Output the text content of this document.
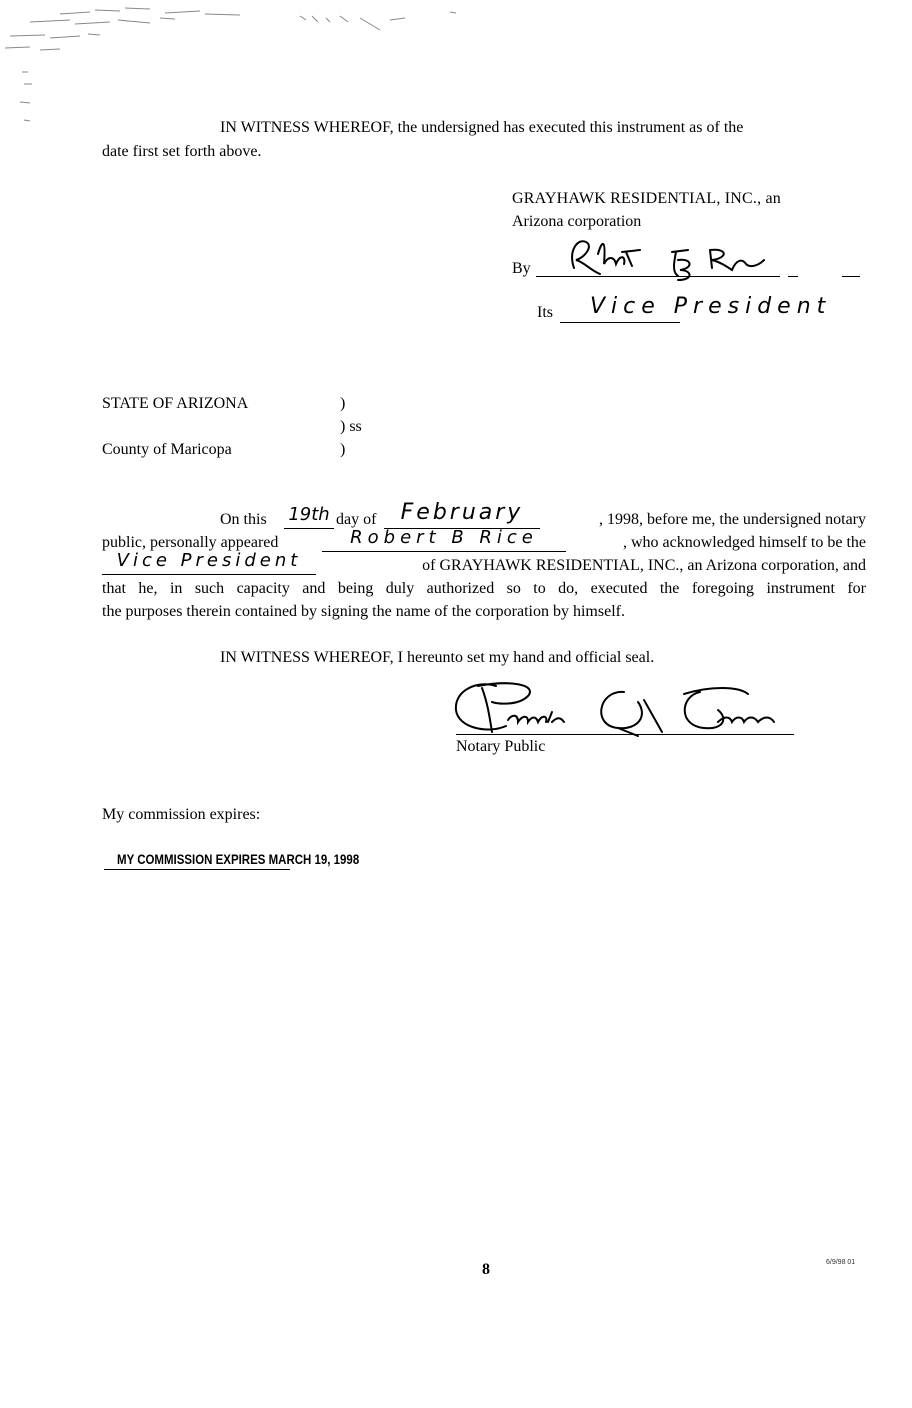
IN WITNESS WHEREOF, the undersigned has executed this instrument as of the
date first set forth above.
GRAYHAWK RESIDENTIAL, INC., an
Arizona corporation
By
Its Vice President
STATE OF ARIZONA	)
) ss
County of Maricopa	)
On this 19th day of	February	, 1998, before me, the undersigned notary
public, personally appeared	Robert B Rice	, who acknowledged himself to be the
Vice President	of GRAYHAWK RESIDENTIAL, INC., an Arizona corporation, and
that he, in such capacity and being duly authorized so to do, executed the foregoing instrument for
the purposes therein contained by signing the name of the corporation by himself.
IN WITNESS WHEREOF, I hereunto set my hand and official seal.
Notary Public
My commission expires:
MY COMMISSION EXPIRES MARCH 19, 1998
8	6/9/98 01
